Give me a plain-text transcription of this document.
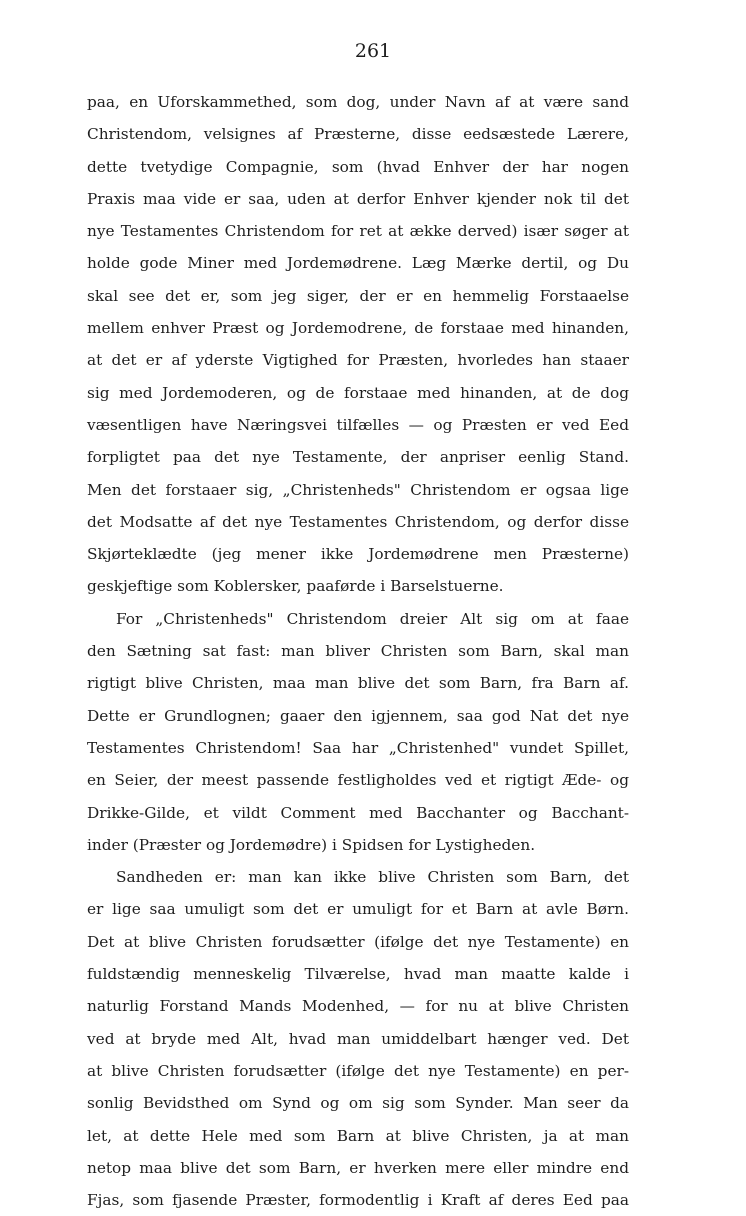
261
paa, en Uforskammethed, som dog, under Navn af at være sand
Christendom, velsignes af Præsterne, disse eedsæstede Lærere,
dette tvetydige Compagnie, som (hvad Enhver der har nogen
Praxis maa vide er saa, uden at derfor Enhver kjender nok til det
nye Testamentes Christendom for ret at ække derved) især søger at
holde gode Miner med Jordemødrene. Læg Mærke dertil, og Du
skal see det er, som jeg siger, der er en hemmelig Forstaaelse
mellem enhver Præst og Jordemodrene, de forstaae med hinanden,
at det er af yderste Vigtighed for Præsten, hvorledes han staaer
sig med Jordemoderen, og de forstaae med hinanden, at de dog
væsentligen have Næringsvei tilfælles — og Præsten er ved Eed
forpligtet paa det nye Testamente, der anpriser eenlig Stand.
Men det forstaaer sig, „Christenheds" Christendom er ogsaa lige
det Modsatte af det nye Testamentes Christendom, og derfor disse
Skjørteklædte (jeg mener ikke Jordemødrene men Præsterne)
geskjeftige som Koblersker, paaførde i Barselstuerne.
For „Christenheds" Christendom dreier Alt sig om at faae
den Sætning sat fast: man bliver Christen som Barn, skal man
rigtigt blive Christen, maa man blive det som Barn, fra Barn af.
Dette er Grundlognen; gaaer den igjennem, saa god Nat det nye
Testamentes Christendom! Saa har „Christenhed" vundet Spillet,
en Seier, der meest passende festligholdes ved et rigtigt Æde- og
Drikke-Gilde, et vildt Comment med Bacchanter og Bacchant-
inder (Præster og Jordemødre) i Spidsen for Lystigheden.
Sandheden er: man kan ikke blive Christen som Barn, det
er lige saa umuligt som det er umuligt for et Barn at avle Børn.
Det at blive Christen forudsætter (ifølge det nye Testamente) en
fuldstændig menneskelig Tilværelse, hvad man maatte kalde i
naturlig Forstand Mands Modenhed, — for nu at blive Christen
ved at bryde med Alt, hvad man umiddelbart hænger ved. Det
at blive Christen forudsætter (ifølge det nye Testamente) en per-
sonlig Bevidsthed om Synd og om sig som Synder. Man seer da
let, at dette Hele med som Barn at blive Christen, ja at man
netop maa blive det som Barn, er hverken mere eller mindre end
Fjas, som fjasende Præster, formodentlig i Kraft af deres Eed paa
